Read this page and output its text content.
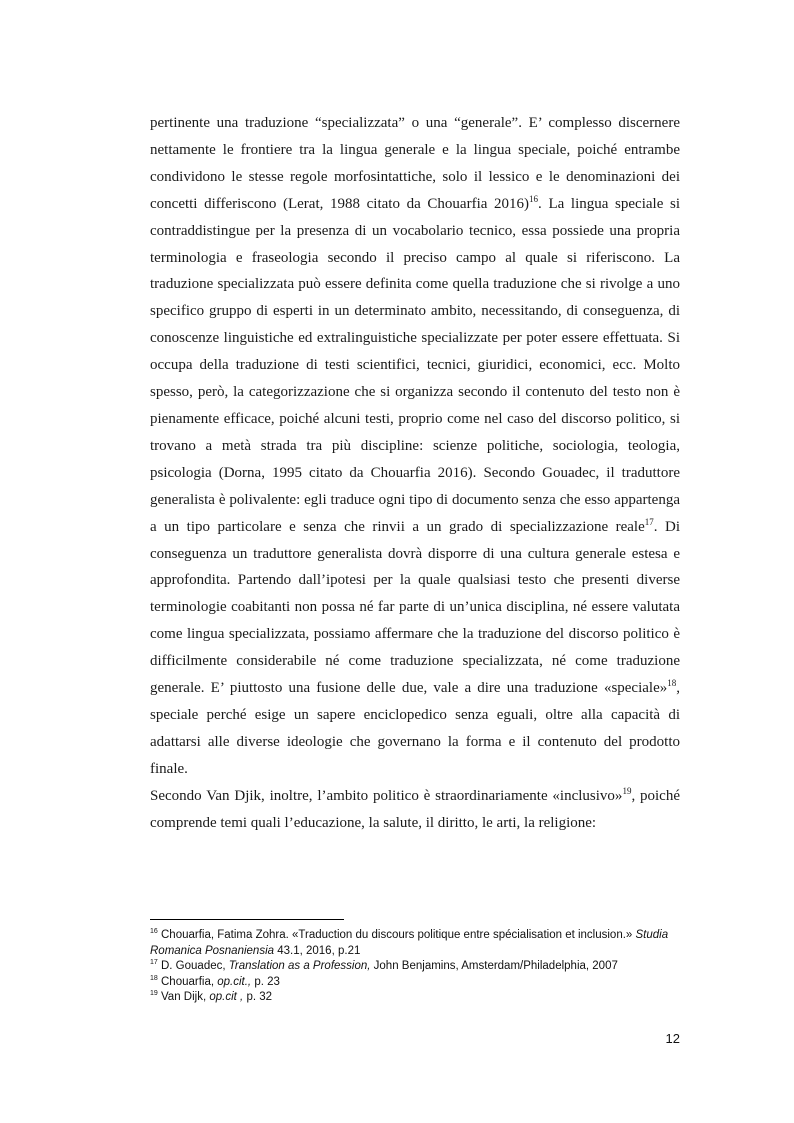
pertinente una traduzione “specializzata” o una “generale”. E’ complesso discernere nettamente le frontiere tra la lingua generale e la lingua speciale, poiché entrambe condividono le stesse regole morfosintattiche, solo il lessico e le denominazioni dei concetti differiscono (Lerat, 1988 citato da Chouarfia 2016)$^{16}$. La lingua speciale si contraddistingue per la presenza di un vocabolario tecnico, essa possiede una propria terminologia e fraseologia secondo il preciso campo al quale si riferiscono. La traduzione specializzata può essere definita come quella traduzione che si rivolge a uno specifico gruppo di esperti in un determinato ambito, necessitando, di conseguenza, di conoscenze linguistiche ed extralinguistiche specializzate per poter essere effettuata. Si occupa della traduzione di testi scientifici, tecnici, giuridici, economici, ecc. Molto spesso, però, la categorizzazione che si organizza secondo il contenuto del testo non è pienamente efficace, poiché alcuni testi, proprio come nel caso del discorso politico, si trovano a metà strada tra più discipline: scienze politiche, sociologia, teologia, psicologia (Dorna, 1995 citato da Chouarfia 2016). Secondo Gouadec, il traduttore generalista è polivalente: egli traduce ogni tipo di documento senza che esso appartenga a un tipo particolare e senza che rinvii a un grado di specializzazione reale$^{17}$. Di conseguenza un traduttore generalista dovrà disporre di una cultura generale estesa e approfondita. Partendo dall’ipotesi per la quale qualsiasi testo che presenti diverse terminologie coabitanti non possa né far parte di un’unica disciplina, né essere valutata come lingua specializzata, possiamo affermare che la traduzione del discorso politico è difficilmente considerabile né come traduzione specializzata, né come traduzione generale. E’ piuttosto una fusione delle due, vale a dire una traduzione «speciale»$^{18}$, speciale perché esige un sapere enciclopedico senza eguali, oltre alla capacità di adattarsi alle diverse ideologie che governano la forma e il contenuto del prodotto finale.

Secondo Van Djik, inoltre, l’ambito politico è straordinariamente «inclusivo»$^{19}$, poiché comprende temi quali l’educazione, la salute, il diritto, le arti, la religione:

$^{16}$ Chouarfia, Fatima Zohra. «Traduction du discours politique entre spécialisation et inclusion.» Studia Romanica Posnaniensia 43.1, 2016, p.21

$^{17}$ D. Gouadec, Translation as a Profession, John Benjamins, Amsterdam/Philadelphia, 2007

$^{18}$ Chouarfia, op.cit., p. 23

$^{19}$ Van Dijk, op.cit , p. 32

12
